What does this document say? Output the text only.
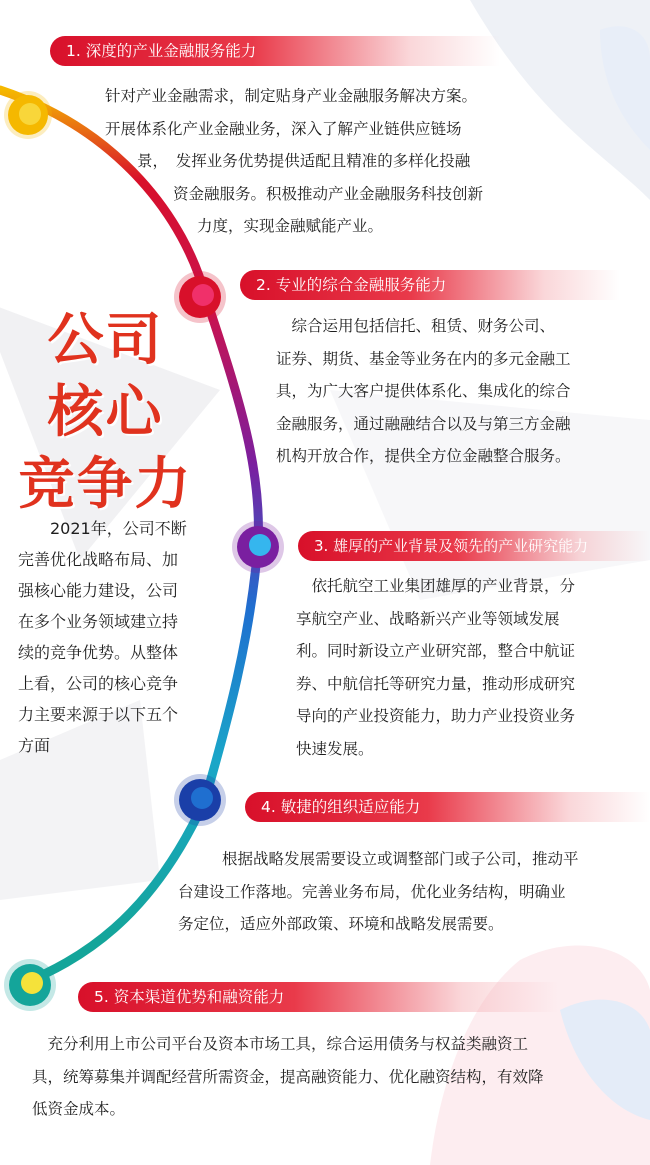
1. 深度的产业金融服务能力
针对产业金融需求，制定贴身产业金融服务解决方案。
开展体系化产业金融业务，深入了解产业链供应链场
景，　发挥业务优势提供适配且精准的多样化投融
资金融服务。积极推动产业金融服务科技创新
力度，实现金融赋能产业。
2. 专业的综合金融服务能力
　综合运用包括信托、租赁、财务公司、
证券、期货、基金等业务在内的多元金融工
具，为广大客户提供体系化、集成化的综合
金融服务，通过融融结合以及与第三方金融
机构开放合作，提供全方位金融整合服务。
公司
核心
竞争力
2021年，公司不断
完善优化战略布局、加
强核心能力建设，公司
在多个业务领域建立持
续的竞争优势。从整体
上看，公司的核心竞争
力主要来源于以下五个
方面
3. 雄厚的产业背景及领先的产业研究能力
　依托航空工业集团雄厚的产业背景，分
享航空产业、战略新兴产业等领域发展
利。同时新设立产业研究部，整合中航证
券、中航信托等研究力量，推动形成研究
导向的产业投资能力，助力产业投资业务
快速发展。
4. 敏捷的组织适应能力
根据战略发展需要设立或调整部门或子公司，推动平
台建设工作落地。完善业务布局，优化业务结构，明确业
务定位，适应外部政策、环境和战略发展需要。
5. 资本渠道优势和融资能力
　充分利用上市公司平台及资本市场工具，综合运用债务与权益类融资工
具，统筹募集并调配经营所需资金，提高融资能力、优化融资结构，有效降
低资金成本。
